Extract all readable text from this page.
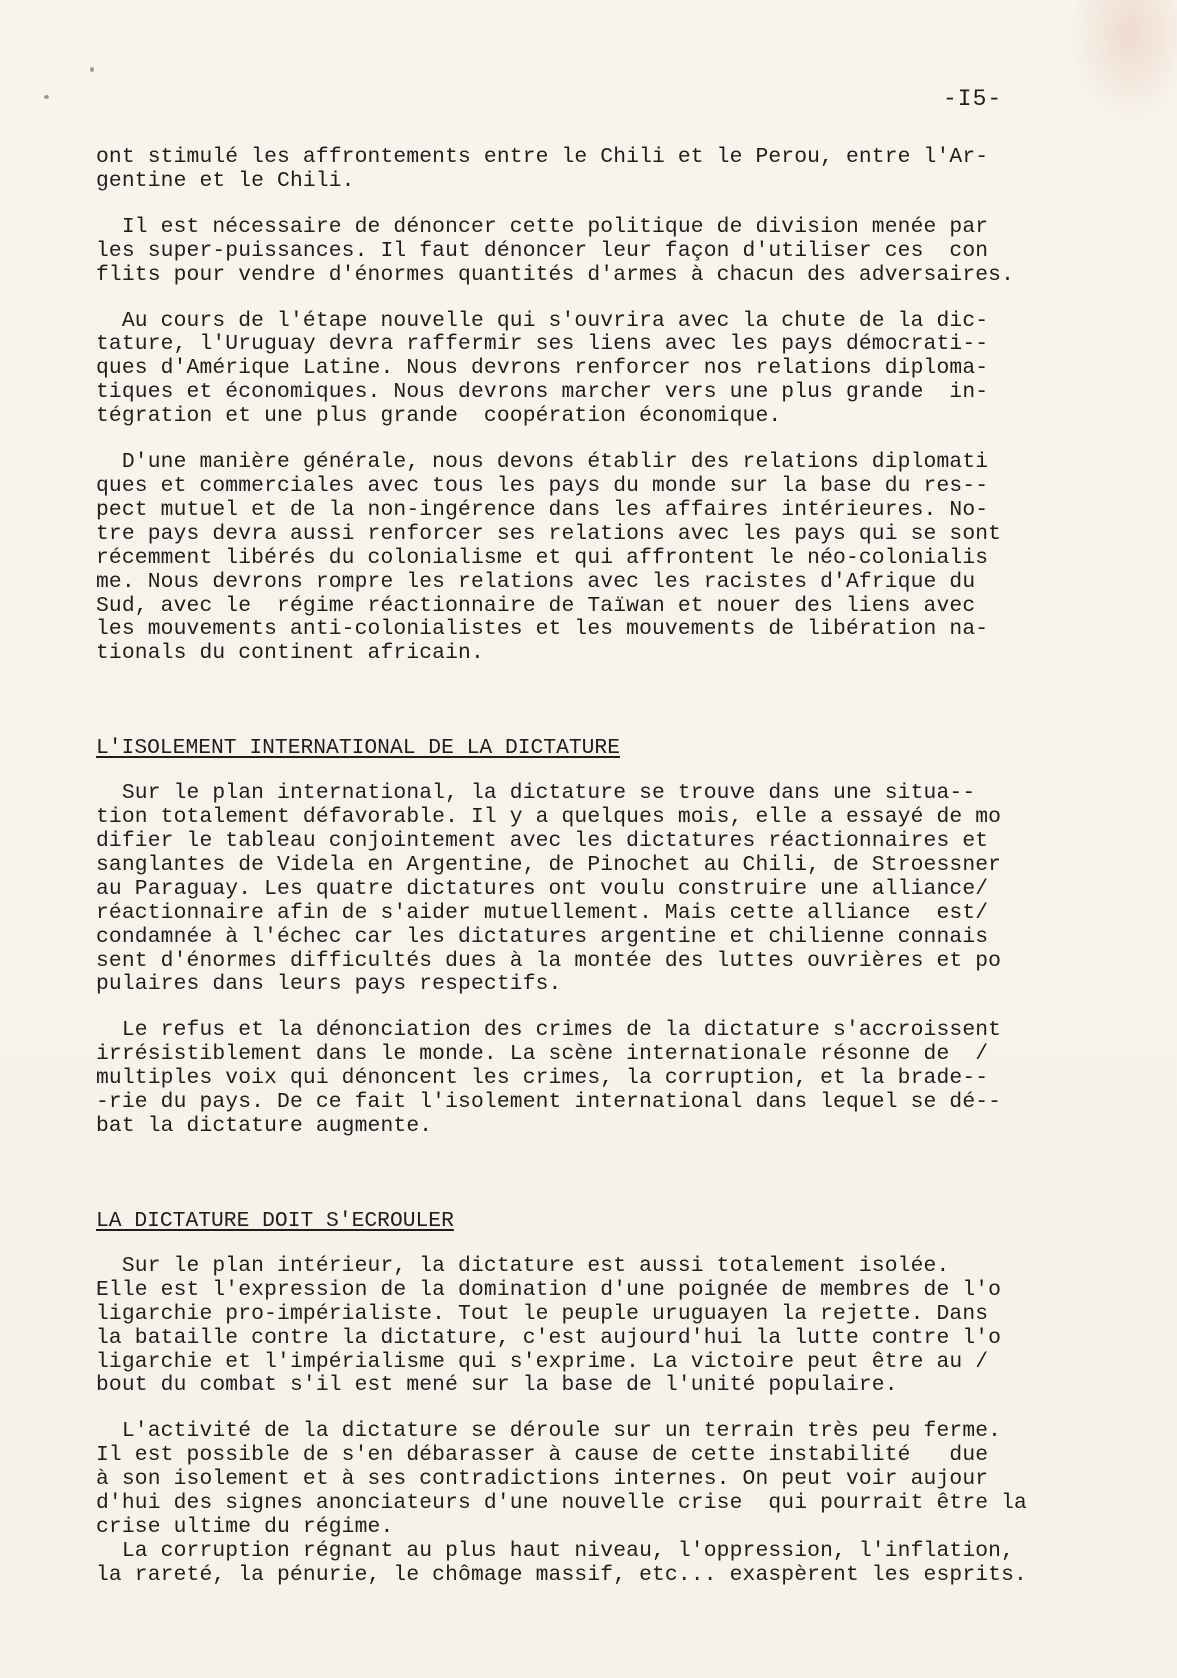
-I5-

ont stimulé les affrontements entre le Chili et le Perou, entre l'Ar-
gentine et le Chili.

Il est nécessaire de dénoncer cette politique de division menée par
les super-puissances. Il faut dénoncer leur façon d'utiliser ces  con
flits pour vendre d'énormes quantités d'armes à chacun des adversaires.

Au cours de l'étape nouvelle qui s'ouvrira avec la chute de la dic-
tature, l'Uruguay devra raffermir ses liens avec les pays démocrati--
ques d'Amérique Latine. Nous devrons renforcer nos relations diploma-
tiques et économiques. Nous devrons marcher vers une plus grande  in-
tégration et une plus grande  coopération économique.

D'une manière générale, nous devons établir des relations diplomati
ques et commerciales avec tous les pays du monde sur la base du res--
pect mutuel et de la non-ingérence dans les affaires intérieures. No-
tre pays devra aussi renforcer ses relations avec les pays qui se sont
récemment libérés du colonialisme et qui affrontent le néo-colonialis
me. Nous devrons rompre les relations avec les racistes d'Afrique du
Sud, avec le  régime réactionnaire de Taïwan et nouer des liens avec
les mouvements anti-colonialistes et les mouvements de libération na-
tionals du continent africain.

L'ISOLEMENT INTERNATIONAL DE LA DICTATURE

Sur le plan international, la dictature se trouve dans une situa--
tion totalement défavorable. Il y a quelques mois, elle a essayé de mo
difier le tableau conjointement avec les dictatures réactionnaires et
sanglantes de Videla en Argentine, de Pinochet au Chili, de Stroessner
au Paraguay. Les quatre dictatures ont voulu construire une alliance/
réactionnaire afin de s'aider mutuellement. Mais cette alliance  est/
condamnée à l'échec car les dictatures argentine et chilienne connais
sent d'énormes difficultés dues à la montée des luttes ouvrières et po
pulaires dans leurs pays respectifs.

Le refus et la dénonciation des crimes de la dictature s'accroissent
irrésistiblement dans le monde. La scène internationale résonne de  /
multiples voix qui dénoncent les crimes, la corruption, et la brade--
-rie du pays. De ce fait l'isolement international dans lequel se dé--
bat la dictature augmente.

LA DICTATURE DOIT S'ECROULER

Sur le plan intérieur, la dictature est aussi totalement isolée.
Elle est l'expression de la domination d'une poignée de membres de l'o
ligarchie pro-impérialiste. Tout le peuple uruguayen la rejette. Dans
la bataille contre la dictature, c'est aujourd'hui la lutte contre l'o
ligarchie et l'impérialisme qui s'exprime. La victoire peut être au /
bout du combat s'il est mené sur la base de l'unité populaire.

L'activité de la dictature se déroule sur un terrain très peu ferme.
Il est possible de s'en débarasser à cause de cette instabilité   due
à son isolement et à ses contradictions internes. On peut voir aujour
d'hui des signes anonciateurs d'une nouvelle crise  qui pourrait être la
crise ultime du régime.
La corruption régnant au plus haut niveau, l'oppression, l'inflation,
la rareté, la pénurie, le chômage massif, etc... exaspèrent les esprits.
